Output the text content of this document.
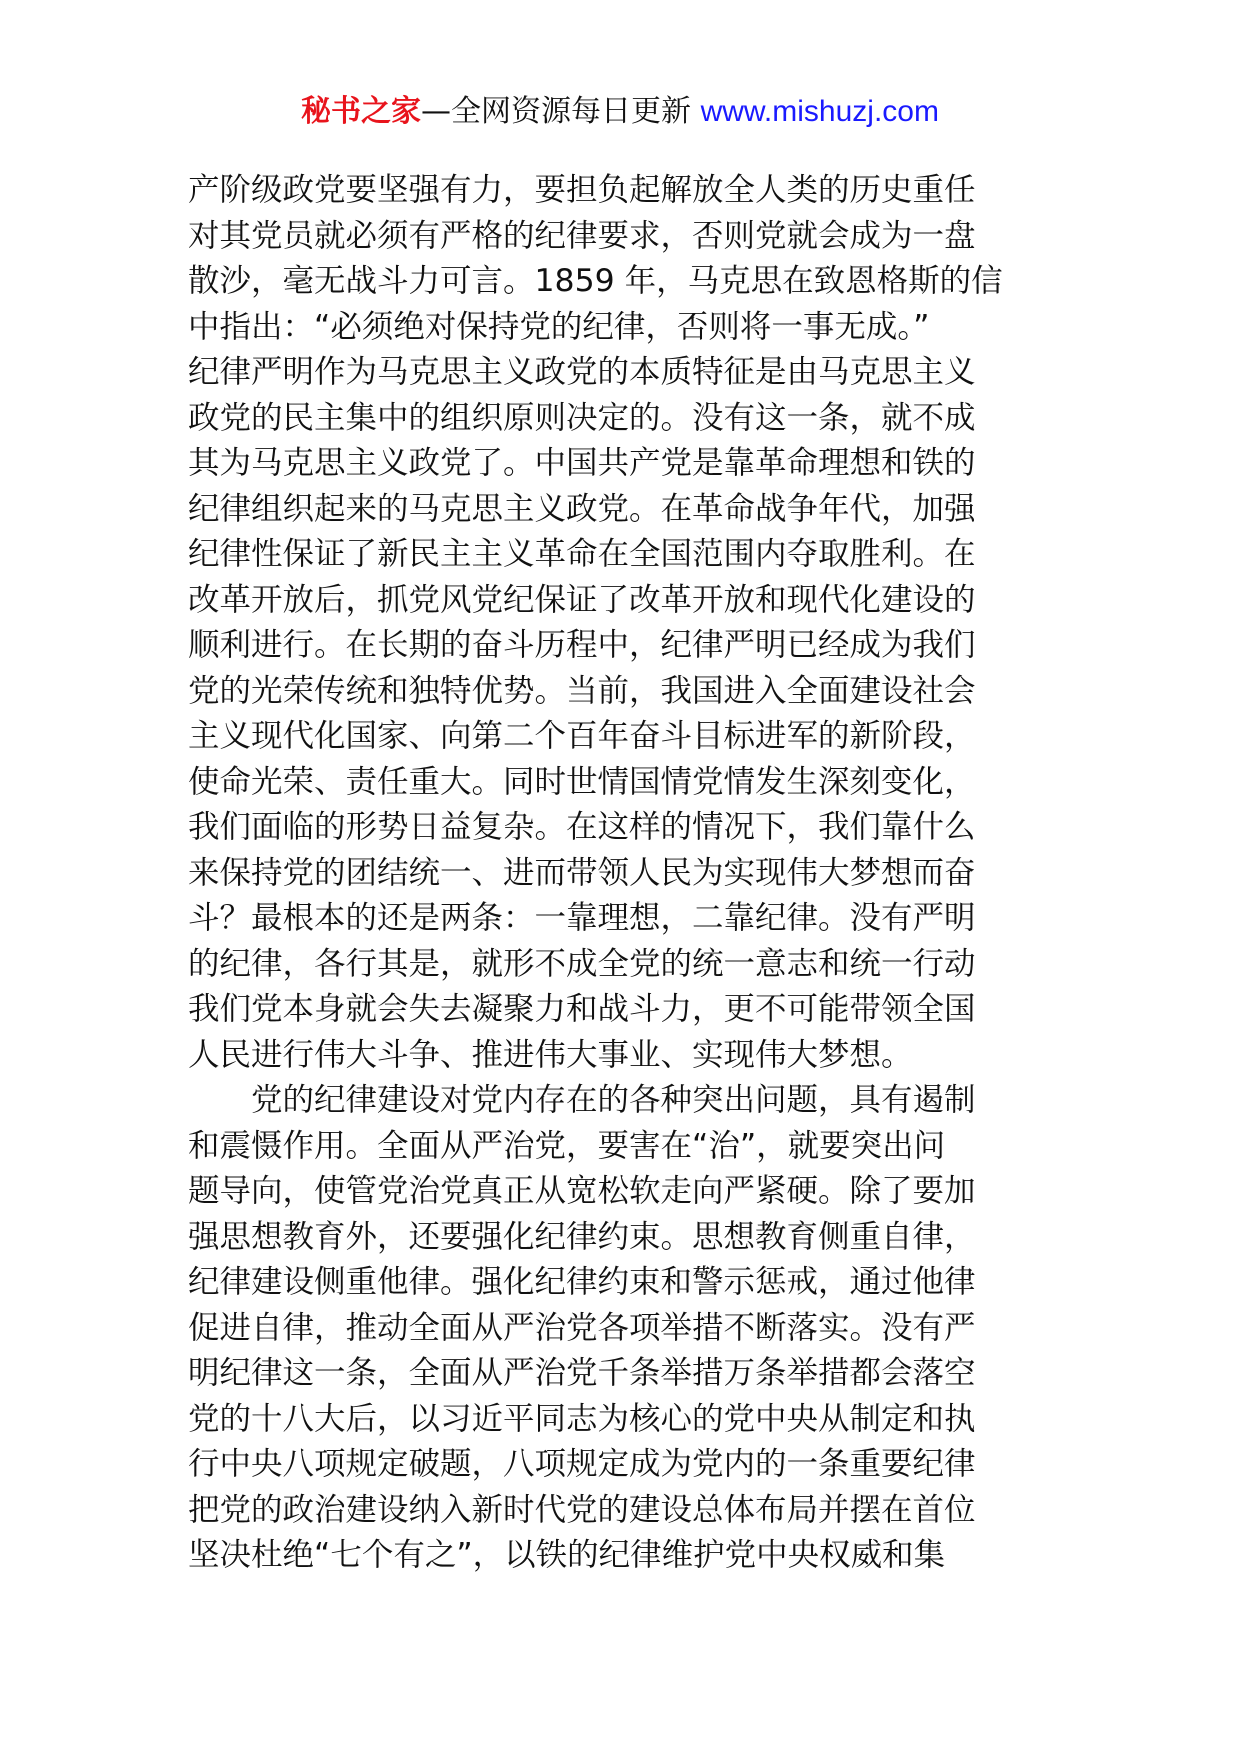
秘书之家—全网资源每日更新 www.mishuzj.com
产阶级政党要坚强有力，要担负起解放全人类的历史重任
对其党员就必须有严格的纪律要求，否则党就会成为一盘
散沙，毫无战斗力可言。1859 年，马克思在致恩格斯的信
中指出：“必须绝对保持党的纪律，否则将一事无成。”
纪律严明作为马克思主义政党的本质特征是由马克思主义
政党的民主集中的组织原则决定的。没有这一条，就不成
其为马克思主义政党了。中国共产党是靠革命理想和铁的
纪律组织起来的马克思主义政党。在革命战争年代，加强
纪律性保证了新民主主义革命在全国范围内夺取胜利。在
改革开放后，抓党风党纪保证了改革开放和现代化建设的
顺利进行。在长期的奋斗历程中，纪律严明已经成为我们
党的光荣传统和独特优势。当前，我国进入全面建设社会
主义现代化国家、向第二个百年奋斗目标进军的新阶段，
使命光荣、责任重大。同时世情国情党情发生深刻变化，
我们面临的形势日益复杂。在这样的情况下，我们靠什么
来保持党的团结统一、进而带领人民为实现伟大梦想而奋
斗？最根本的还是两条：一靠理想，二靠纪律。没有严明
的纪律，各行其是，就形不成全党的统一意志和统一行动
我们党本身就会失去凝聚力和战斗力，更不可能带领全国
人民进行伟大斗争、推进伟大事业、实现伟大梦想。
　　党的纪律建设对党内存在的各种突出问题，具有遏制
和震慑作用。全面从严治党，要害在“治”，就要突出问
题导向，使管党治党真正从宽松软走向严紧硬。除了要加
强思想教育外，还要强化纪律约束。思想教育侧重自律，
纪律建设侧重他律。强化纪律约束和警示惩戒，通过他律
促进自律，推动全面从严治党各项举措不断落实。没有严
明纪律这一条，全面从严治党千条举措万条举措都会落空
党的十八大后，以习近平同志为核心的党中央从制定和执
行中央八项规定破题，八项规定成为党内的一条重要纪律
把党的政治建设纳入新时代党的建设总体布局并摆在首位
坚决杜绝“七个有之”，以铁的纪律维护党中央权威和集
